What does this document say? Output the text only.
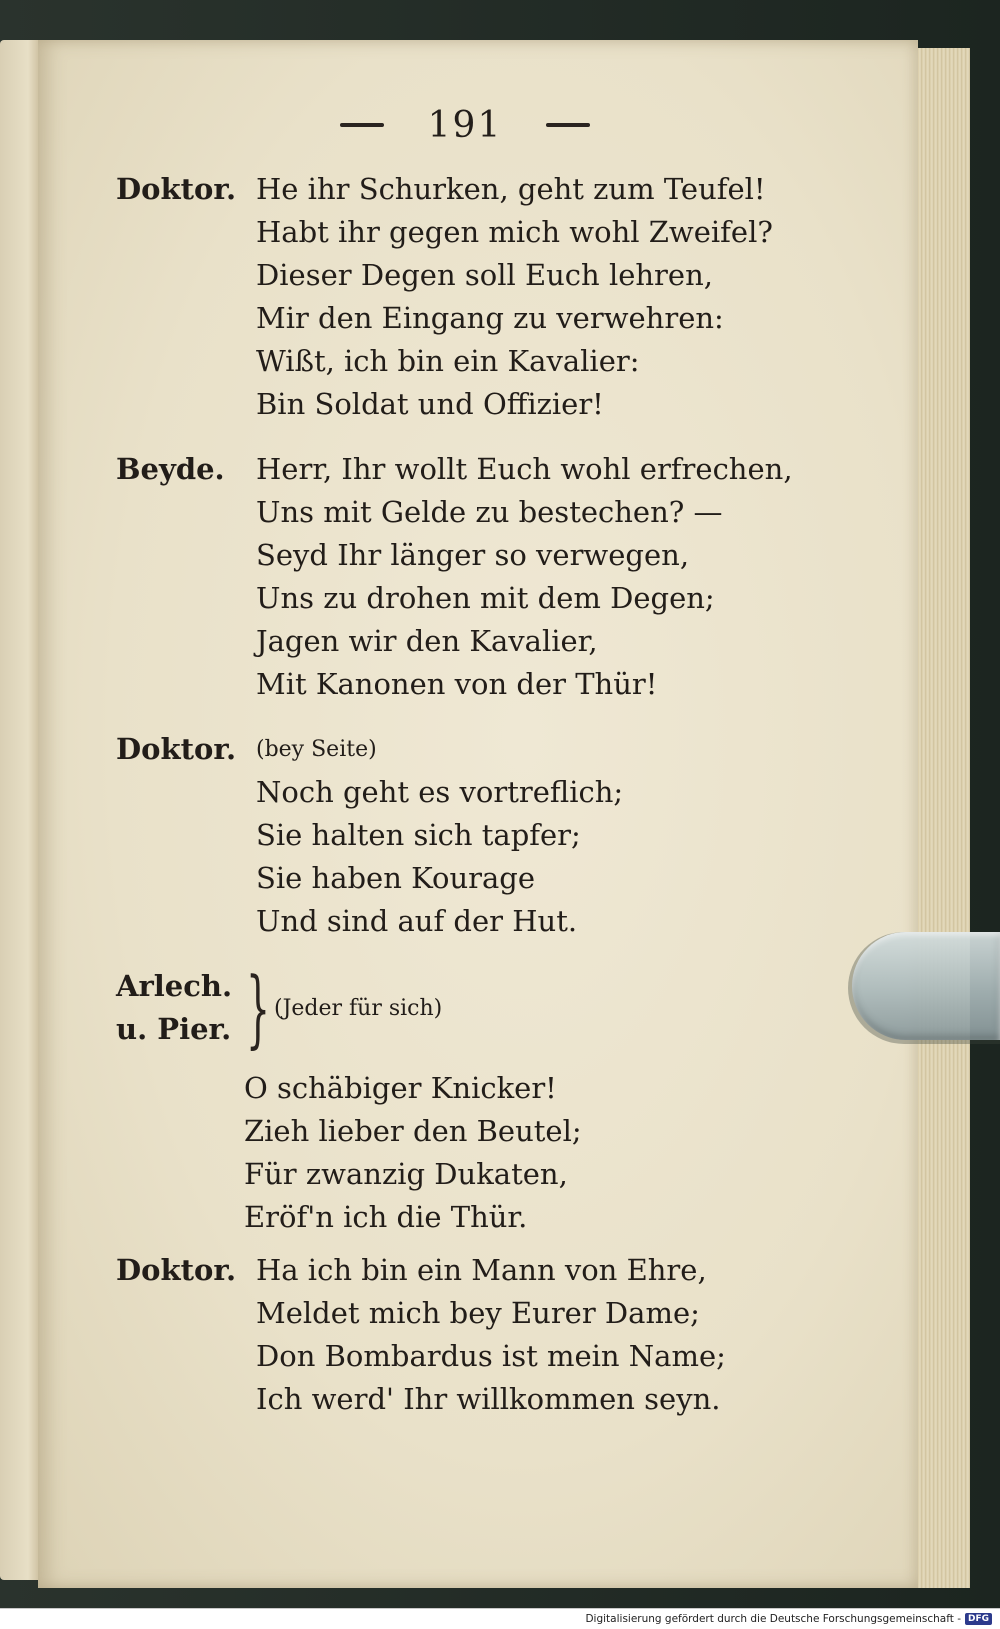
191
Doktor. He ihr Schurken, geht zum Teufel!
Habt ihr gegen mich wohl Zweifel?
Dieser Degen soll Euch lehren,
Mir den Eingang zu verwehren:
Wißt, ich bin ein Kavalier:
Bin Soldat und Offizier!
Beyde.	Herr, Ihr wollt Euch wohl erfrechen,
Uns mit Gelde zu bestechen? —
Seyd Ihr länger so verwegen,
Uns zu drohen mit dem Degen;
Jagen wir den Kavalier,
Mit Kanonen von der Thür!
Doktor. (bey Seite)
Noch geht es vortreflich;
Sie halten sich tapfer;
Sie haben Kourage
Und sind auf der Hut.
Arlech.
u. Pier. } (Jeder für sich)
O schäbiger Knicker!
Zieh lieber den Beutel;
Für zwanzig Dukaten,
Eröf'n ich die Thür.
Doktor. Ha ich bin ein Mann von Ehre,
Meldet mich bey Eurer Dame;
Don Bombardus ist mein Name;
Ich werd' Ihr willkommen seyn.
Digitalisierung gefördert durch die Deutsche Forschungsgemeinschaft - DFG
